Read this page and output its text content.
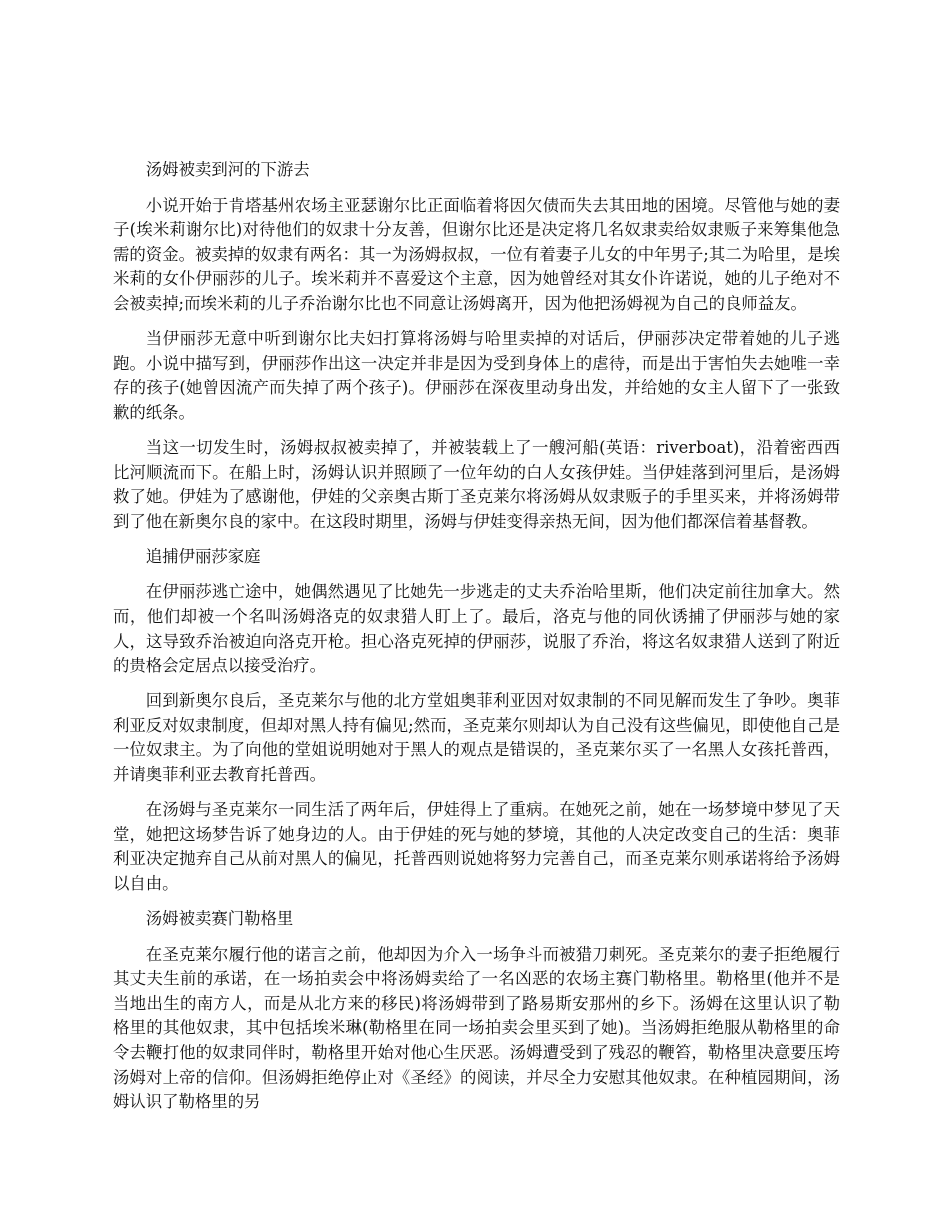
汤姆被卖到河的下游去

小说开始于肯塔基州农场主亚瑟谢尔比正面临着将因欠债而失去其田地的困境。尽管他与她的妻子(埃米莉谢尔比)对待他们的奴隶十分友善，但谢尔比还是决定将几名奴隶卖给奴隶贩子来筹集他急需的资金。被卖掉的奴隶有两名：其一为汤姆叔叔，一位有着妻子儿女的中年男子;其二为哈里，是埃米莉的女仆伊丽莎的儿子。埃米莉并不喜爱这个主意，因为她曾经对其女仆许诺说，她的儿子绝对不会被卖掉;而埃米莉的儿子乔治谢尔比也不同意让汤姆离开，因为他把汤姆视为自己的良师益友。

当伊丽莎无意中听到谢尔比夫妇打算将汤姆与哈里卖掉的对话后，伊丽莎决定带着她的儿子逃跑。小说中描写到，伊丽莎作出这一决定并非是因为受到身体上的虐待，而是出于害怕失去她唯一幸存的孩子(她曾因流产而失掉了两个孩子)。伊丽莎在深夜里动身出发，并给她的女主人留下了一张致歉的纸条。

当这一切发生时，汤姆叔叔被卖掉了，并被装载上了一艘河船(英语：riverboat)，沿着密西西比河顺流而下。在船上时，汤姆认识并照顾了一位年幼的白人女孩伊娃。当伊娃落到河里后，是汤姆救了她。伊娃为了感谢他，伊娃的父亲奥古斯丁圣克莱尔将汤姆从奴隶贩子的手里买来，并将汤姆带到了他在新奥尔良的家中。在这段时期里，汤姆与伊娃变得亲热无间，因为他们都深信着基督教。

追捕伊丽莎家庭

在伊丽莎逃亡途中，她偶然遇见了比她先一步逃走的丈夫乔治哈里斯，他们决定前往加拿大。然而，他们却被一个名叫汤姆洛克的奴隶猎人盯上了。最后，洛克与他的同伙诱捕了伊丽莎与她的家人，这导致乔治被迫向洛克开枪。担心洛克死掉的伊丽莎，说服了乔治，将这名奴隶猎人送到了附近的贵格会定居点以接受治疗。

回到新奥尔良后，圣克莱尔与他的北方堂姐奥菲利亚因对奴隶制的不同见解而发生了争吵。奥菲利亚反对奴隶制度，但却对黑人持有偏见;然而，圣克莱尔则却认为自己没有这些偏见，即使他自己是一位奴隶主。为了向他的堂姐说明她对于黑人的观点是错误的，圣克莱尔买了一名黑人女孩托普西，并请奥菲利亚去教育托普西。

在汤姆与圣克莱尔一同生活了两年后，伊娃得上了重病。在她死之前，她在一场梦境中梦见了天堂，她把这场梦告诉了她身边的人。由于伊娃的死与她的梦境，其他的人决定改变自己的生活：奥菲利亚决定抛弃自己从前对黑人的偏见，托普西则说她将努力完善自己，而圣克莱尔则承诺将给予汤姆以自由。

汤姆被卖赛门勒格里

在圣克莱尔履行他的诺言之前，他却因为介入一场争斗而被猎刀刺死。圣克莱尔的妻子拒绝履行其丈夫生前的承诺，在一场拍卖会中将汤姆卖给了一名凶恶的农场主赛门勒格里。勒格里(他并不是当地出生的南方人，而是从北方来的移民)将汤姆带到了路易斯安那州的乡下。汤姆在这里认识了勒格里的其他奴隶，其中包括埃米琳(勒格里在同一场拍卖会里买到了她)。当汤姆拒绝服从勒格里的命令去鞭打他的奴隶同伴时，勒格里开始对他心生厌恶。汤姆遭受到了残忍的鞭笞，勒格里决意要压垮汤姆对上帝的信仰。但汤姆拒绝停止对《圣经》的阅读，并尽全力安慰其他奴隶。在种植园期间，汤姆认识了勒格里的另
